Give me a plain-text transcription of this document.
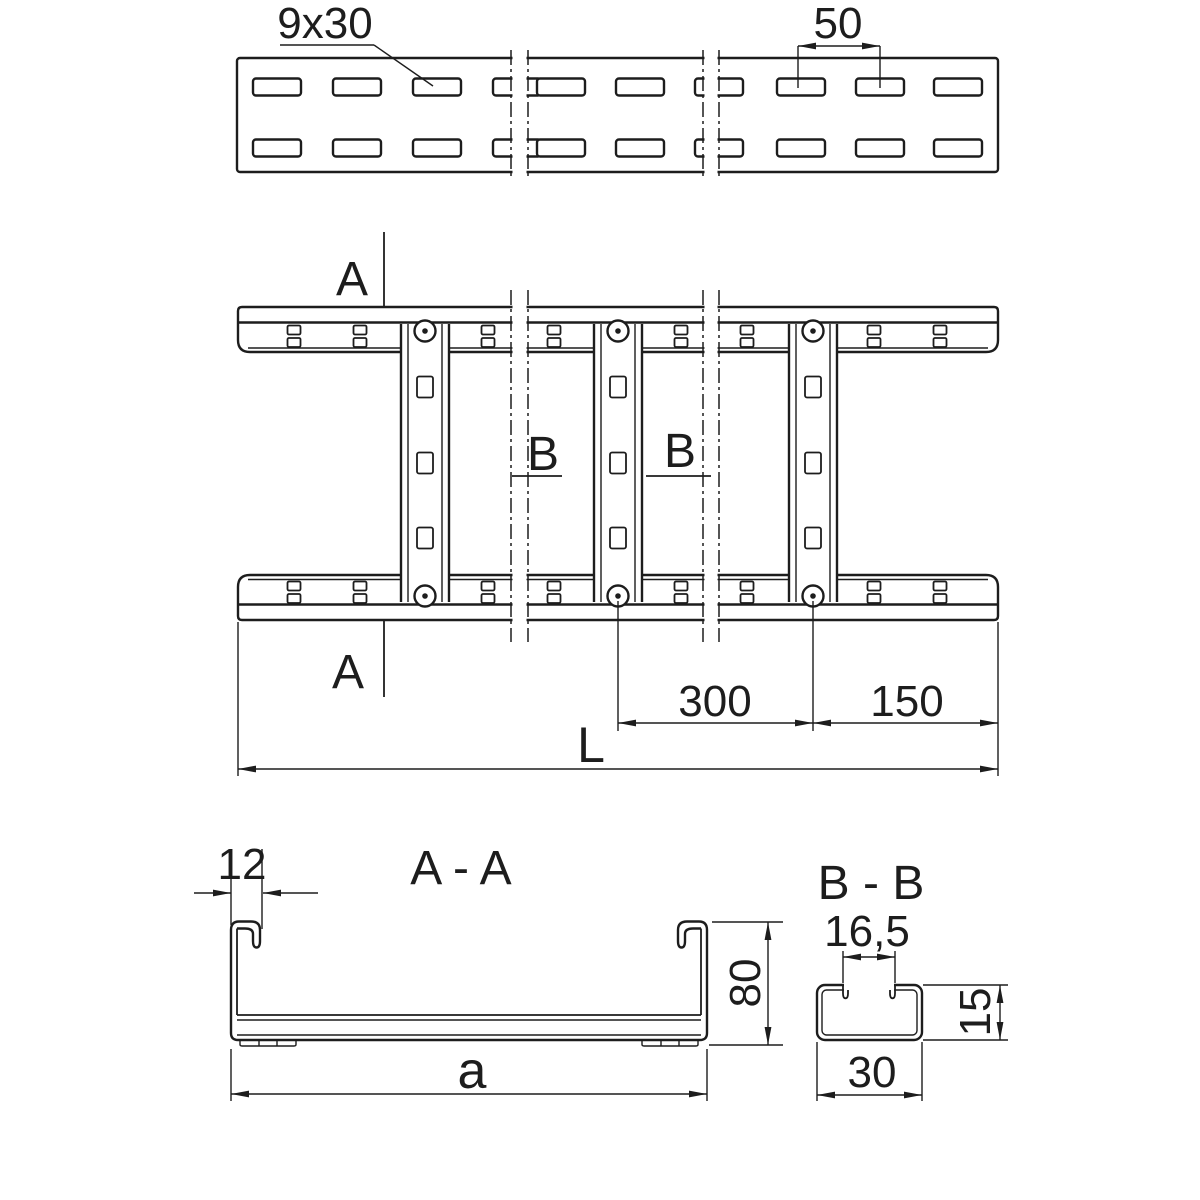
9x30	50
A
A
B B
300	150
L
A - A
12
80
a
B - B
16,5
15
30
